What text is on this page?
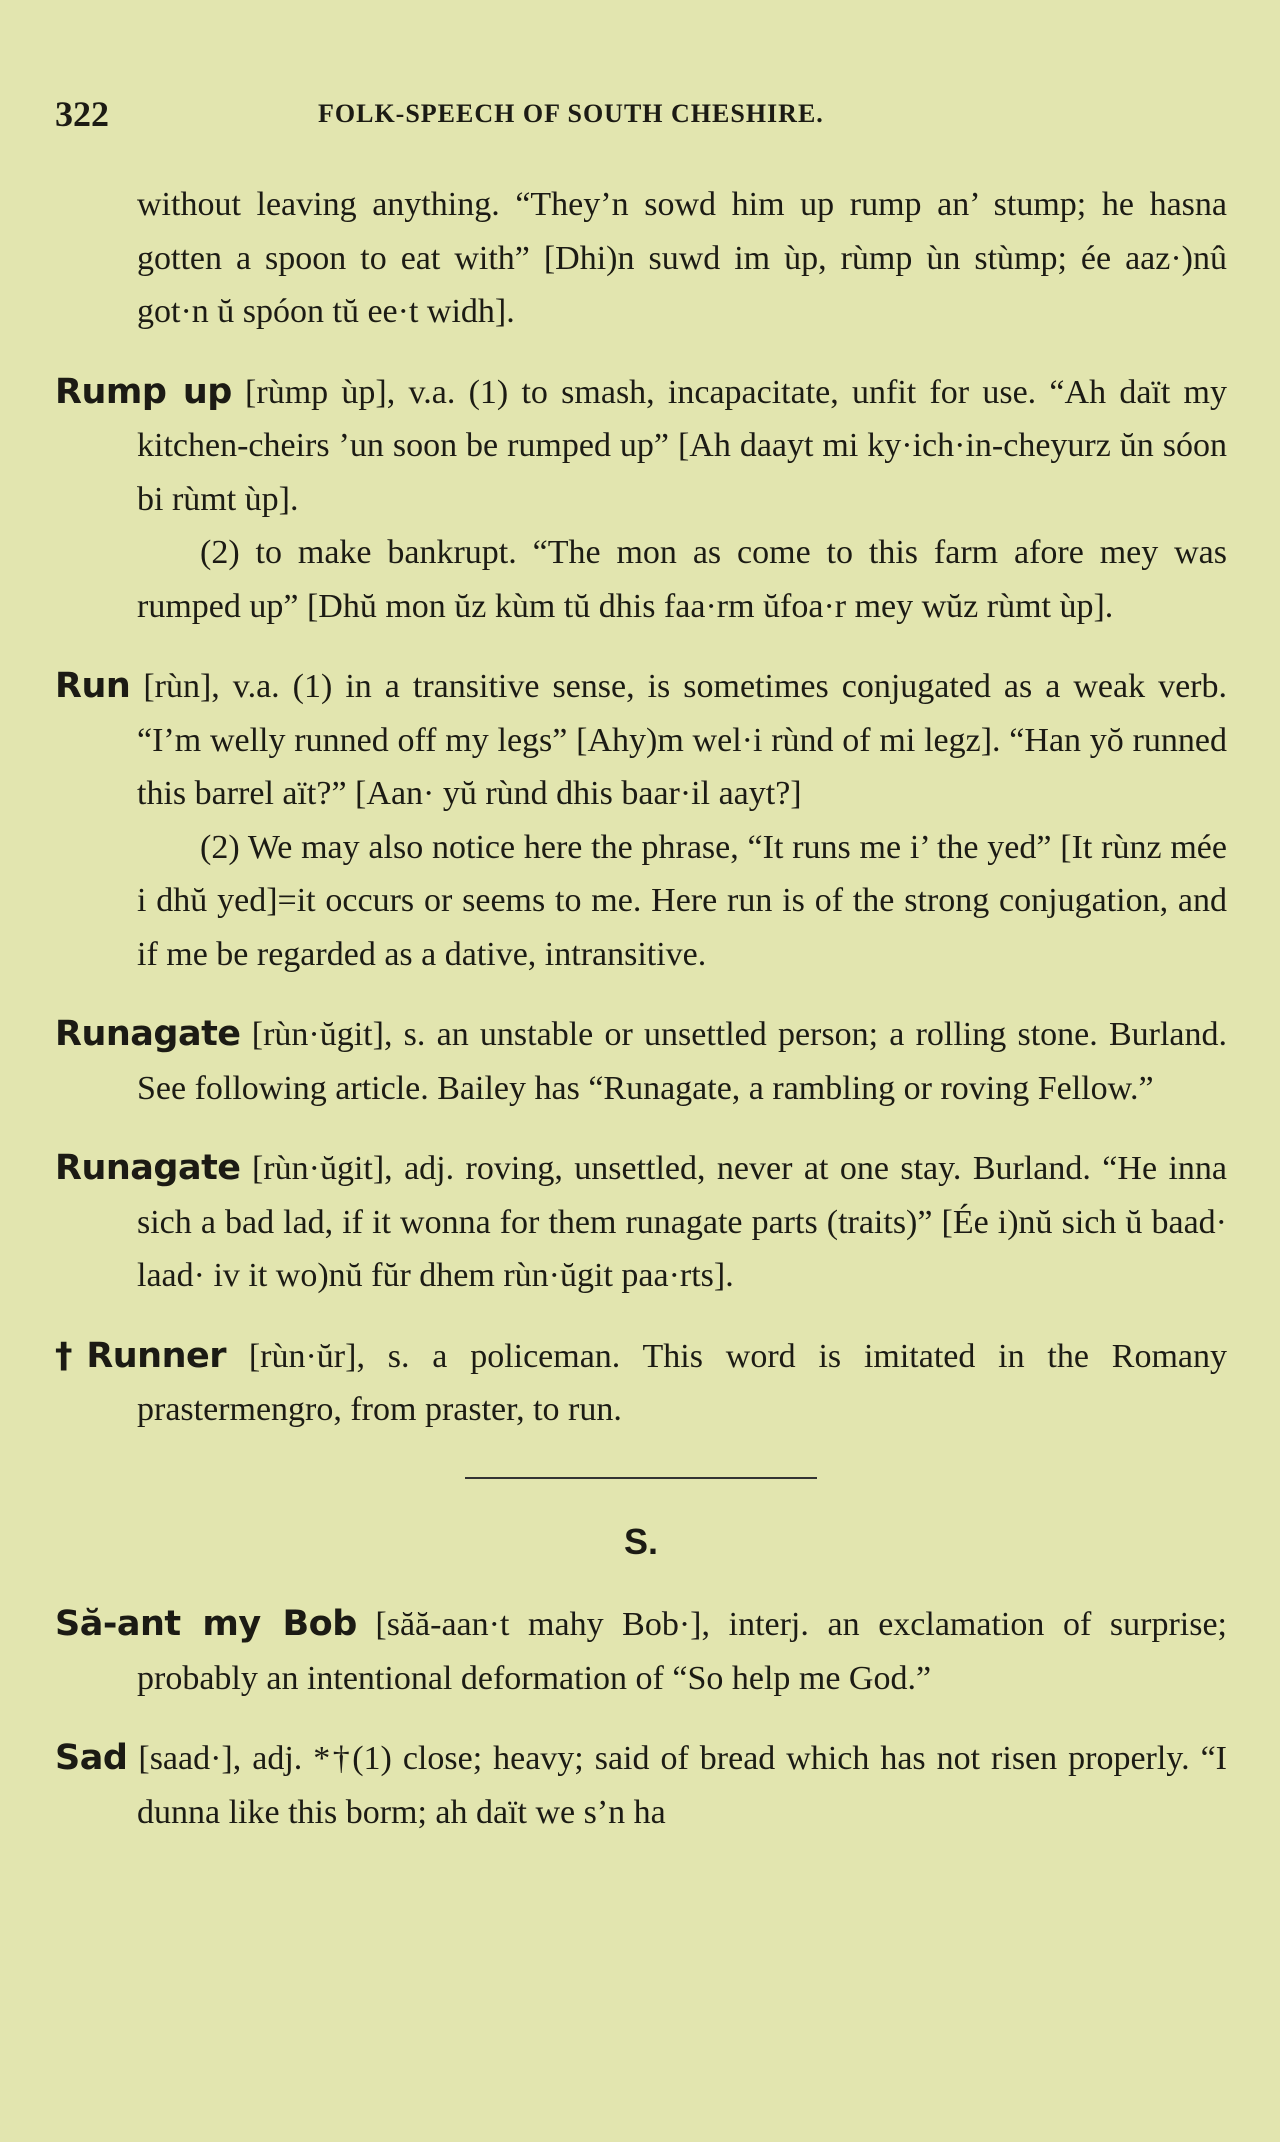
322	FOLK-SPEECH OF SOUTH CHESHIRE.

without leaving anything. “They’n sowd him up rump an’ stump; he hasna gotten a spoon to eat with” [Dhi)n suwd im ùp, rùmp ùn stùmp; ée aaz·)nû got·n ŭ spóon tŭ ee·t widh].

Rump up [rùmp ùp], v.a. (1) to smash, incapacitate, unfit for use. “Ah daït my kitchen-cheirs ’un soon be rumped up” [Ah daayt mi ky·ich·in-cheyurz ŭn sóon bi rùmt ùp].
(2) to make bankrupt. “The mon as come to this farm afore mey was rumped up” [Dhŭ mon ŭz kùm tŭ dhis faa·rm ŭfoa·r mey wŭz rùmt ùp].

Run [rùn], v.a. (1) in a transitive sense, is sometimes conjugated as a weak verb. “I’m welly runned off my legs” [Ahy)m wel·i rùnd of mi legz]. “Han yŏ runned this barrel aït?” [Aan· yŭ rùnd dhis baar·il aayt?]
(2) We may also notice here the phrase, “It runs me i’ the yed” [It rùnz mée i dhŭ yed]=it occurs or seems to me. Here run is of the strong conjugation, and if me be regarded as a dative, intransitive.

Runagate [rùn·ŭgit], s. an unstable or unsettled person; a rolling stone. Burland. See following article. Bailey has “Runagate, a rambling or roving Fellow.”

Runagate [rùn·ŭgit], adj. roving, unsettled, never at one stay. Burland. “He inna sich a bad lad, if it wonna for them runagate parts (traits)” [Ée i)nŭ sich ŭ baad· laad· iv it wo)nŭ fŭr dhem rùn·ŭgit paa·rts].

†Runner [rùn·ŭr], s. a policeman. This word is imitated in the Romany prastermengro, from praster, to run.

S.

Să-ant my Bob [săă-aan·t mahy Bob·], interj. an exclamation of surprise; probably an intentional deformation of “So help me God.”

Sad [saad·], adj. *†(1) close; heavy; said of bread which has not risen properly. “I dunna like this borm; ah daït we s’n ha
